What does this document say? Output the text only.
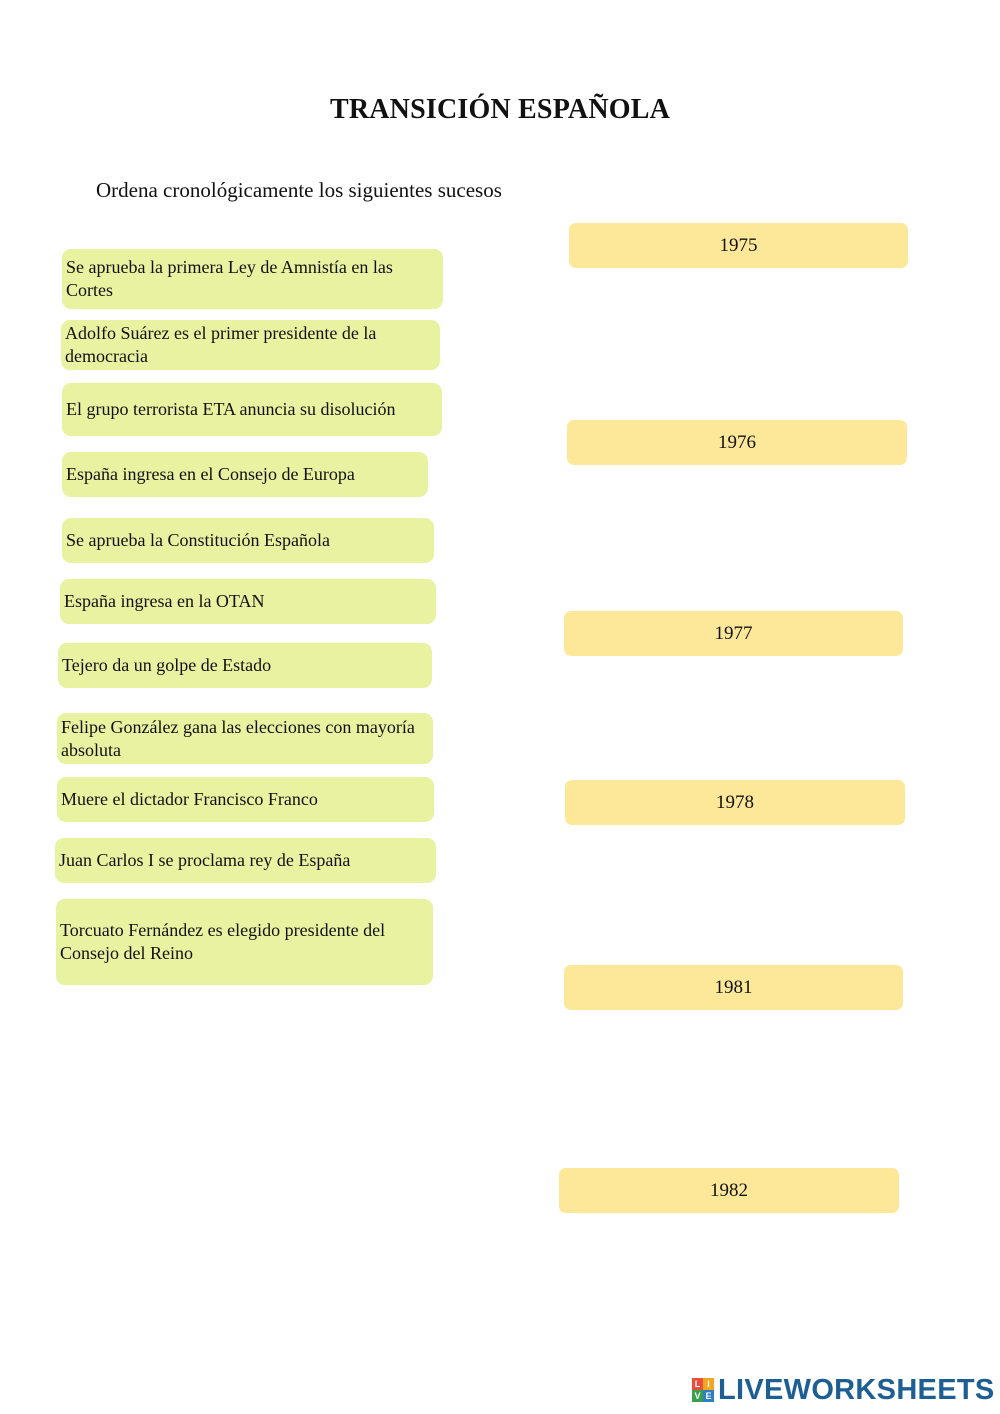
TRANSICIÓN ESPAÑOLA
Ordena cronológicamente los siguientes sucesos
Se aprueba la primera Ley de Amnistía en las Cortes
Adolfo Suárez es el primer presidente de la democracia
El grupo terrorista ETA anuncia su disolución
España ingresa en el Consejo de Europa
Se aprueba la Constitución Española
España ingresa en la OTAN
Tejero da un golpe de Estado
Felipe González gana las elecciones con mayoría absoluta
Muere el dictador Francisco Franco
Juan Carlos I se proclama rey de España
Torcuato Fernández es elegido presidente del Consejo del Reino
1975
1976
1977
1978
1981
1982
L I
V E LIVEWORKSHEETS
